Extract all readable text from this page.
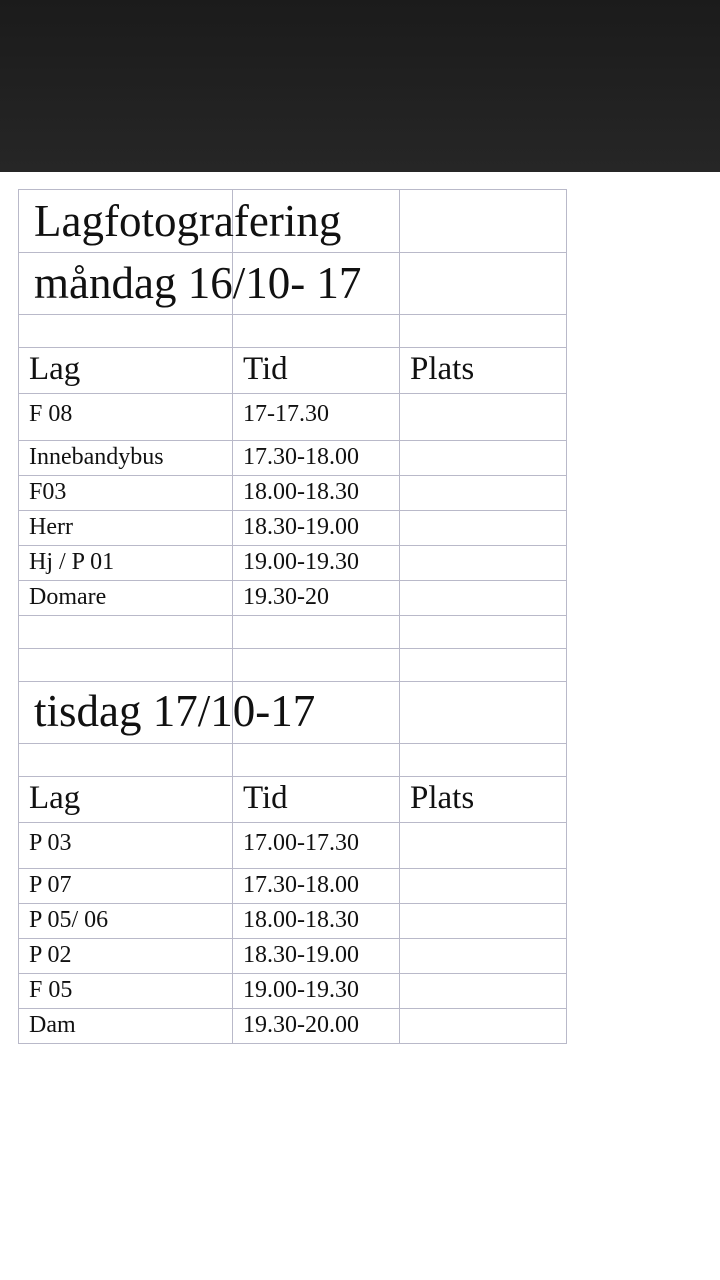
Lagfotografering
måndag 16/10- 17
Lag	Tid	Plats
F 08	17-17.30
Innebandybus	17.30-18.00
F03	18.00-18.30
Herr	18.30-19.00
Hj / P 01	19.00-19.30
Domare	19.30-20
tisdag 17/10-17
Lag	Tid	Plats
P 03	17.00-17.30
P 07	17.30-18.00
P 05/ 06	18.00-18.30
P 02	18.30-19.00
F 05	19.00-19.30
Dam	19.30-20.00
